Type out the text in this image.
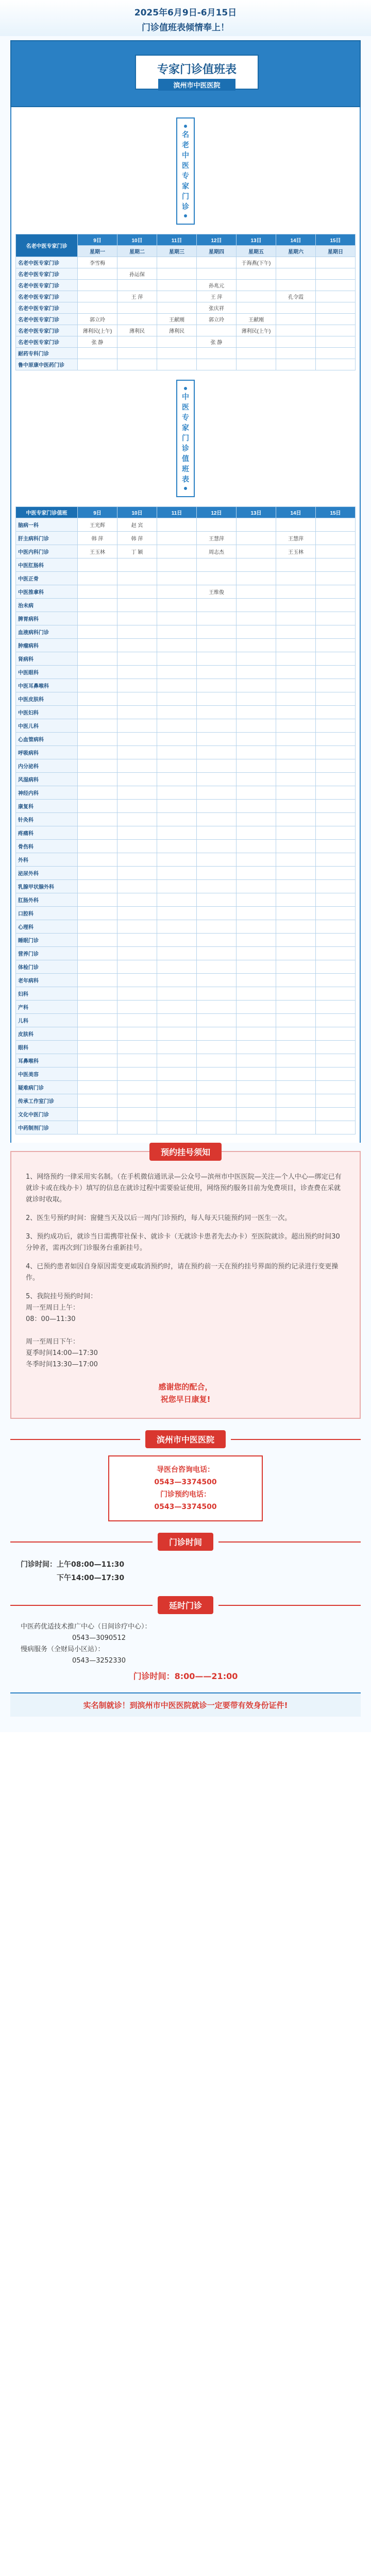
2025年6月9日-6月15日
门诊值班表倾情奉上！
专家门诊值班表
滨州市中医医院
名
老
中
医
专
家
门
诊
名老中医专家门诊	9日	10日	11日	12日	13日	14日	15日
	星期一	星期二	星期三	星期四	星期五	星期六	星期日
名老中医专家门诊	李雪梅				于海燕(下午)		
名老中医专家门诊		孙运保					
名老中医专家门诊				孙兆元			
名老中医专家门诊		王 萍		王 萍		孔令霞	
名老中医专家门诊				张庆祥			
名老中医专家门诊	郭立玲		王献刚	郭立玲	王献刚		
名老中医专家门诊	薄利民(上午)	薄利民	薄利民		薄利民(上午)		
名老中医专家门诊	张 静			张 静			
耐药专科门诊							
鲁中原康中医药门诊							
中
医
专
家
门
诊
值
班
表
中医专家门诊值班	9日	10日	11日	12日	13日	14日	15日
脑病一科	王光辉	赵 宾					
肝主病科门诊	韩 萍	韩 萍		王慧萍		王慧萍	
中医内科门诊	王玉林	丁 颖		周志杰		王玉林	
中医肛肠科							
中医正骨							
中医推拿科				王维俊			
治未病							
脾胃病科							
血液病科门诊							
肿瘤病科							
肾病科							
中医眼科							
中医耳鼻喉科							
中医皮肤科							
中医妇科							
中医儿科							
心血管病科							
呼吸病科							
内分泌科							
风湿病科							
神经内科							
康复科							
针灸科							
疼痛科							
骨伤科							
外科							
泌尿外科							
乳腺甲状腺外科							
肛肠外科							
口腔科							
心理科							
睡眠门诊							
营养门诊							
体检门诊							
老年病科							
妇科							
产科							
儿科							
皮肤科							
眼科							
耳鼻喉科							
中医美容							
疑难病门诊							
传承工作室门诊							
文化中医门诊							
中药制剂门诊							
预约挂号须知

1、网络预约一律采用实名制。（在手机微信通讯录—公众号—滨州市中医医院—关注—个人中心—绑定已有就诊卡或在线办卡）填写的信息在就诊过程中需要验证使用，网络预约服务目前为免费项目，诊查费在采就就诊时收取。

2、医生号预约时间：窗健当天及以后一周内门诊预约，每人每天只能预约同一医生一次。

3、预约成功后，就诊当日需携带社保卡、就诊卡（无就诊卡患者先去办卡）至医院就诊。超出预约时间30分钟者，需再次到门诊服务台重新挂号。

4、已预约患者如因自身原因需变更或取消预约时，请在预约前一天在预约挂号界面的预约记录进行变更操作。

5、我院挂号预约时间：
周一至周日上午：
08：00—11:30

周一至周日下午：
夏季时间14:00—17:30
冬季时间13:30—17:00

感谢您的配合，
祝您早日康复!
滨州市中医医院
导医台咨询电话：
0543—3374500
门诊预约电话：
0543—3374500
门诊时间
门诊时间：上午08:00—11:30
下午14:00—17:30
延时门诊
中医药优适技术推广中心（日间诊疗中心）：
0543—3090512
慢病服务（全财局小区站）：
0543—3252330
门诊时间：8:00——21:00
实名制就诊！到滨州市中医医院就诊一定要带有效身份证件!
